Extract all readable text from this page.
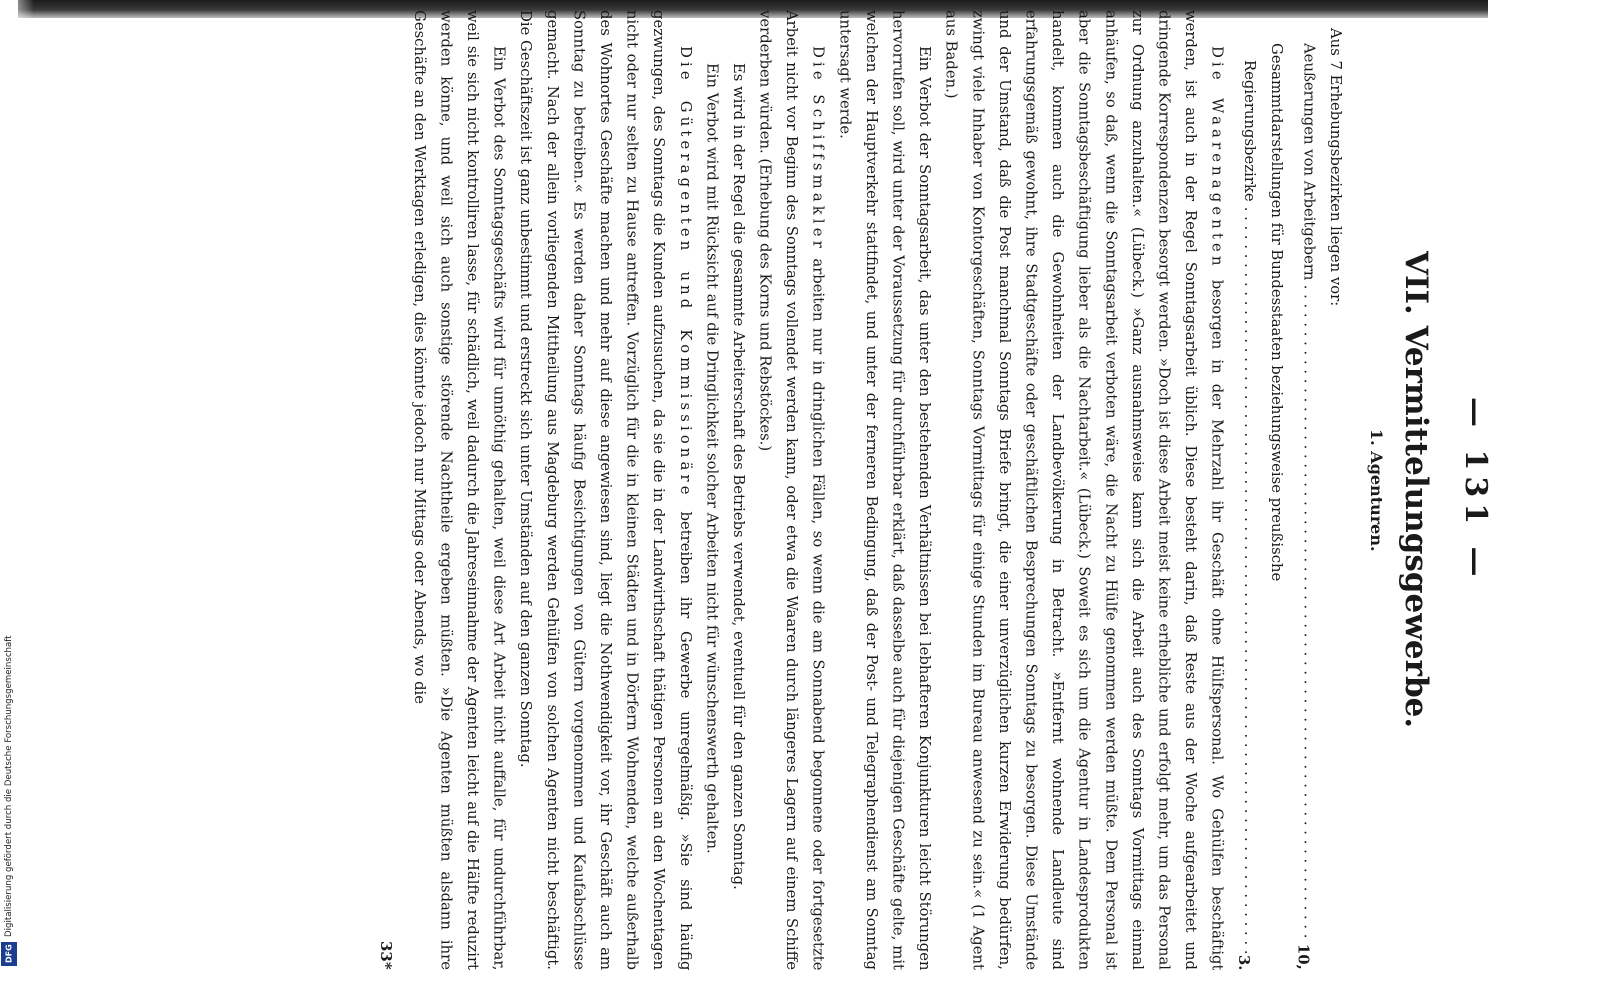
— 131 —
VII. Vermittelungsgewerbe.
1. Agenturen.

Aus 7 Erhebungsbezirken liegen vor:

Aeußerungen von Arbeitgebern . . .
10,
Gesammtdarstellungen für Bundesstaaten beziehungsweise preußische
Regierungsbezirke . . .
3.

Die Waarenagenten besorgen in der Mehrzahl ihr Geschäft ohne Hülfspersonal. Wo Gehülfen beschäftigt werden, ist auch in der Regel Sonntagsarbeit üblich. Diese besteht darin, daß Reste aus der Woche aufgearbeitet und dringende Korrespondenzen besorgt werden. »Doch ist diese Arbeit meist keine erhebliche und erfolgt mehr, um das Personal zur Ordnung anzuhalten.« (Lübeck.) »Ganz ausnahmsweise kann sich die Arbeit auch des Sonntags Vormittags einmal anhäufen, so daß, wenn die Sonntagsarbeit verboten wäre, die Nacht zu Hülfe genommen werden müßte. Dem Personal ist aber die Sonntagsbeschäftigung lieber als die Nachtarbeit.« (Lübeck.) Soweit es sich um die Agentur in Landesprodukten handelt, kommen auch die Gewohnheiten der Landbevölkerung in Betracht. »Entfernt wohnende Landleute sind erfahrungsgemäß gewohnt, ihre Stadtgeschäfte oder geschäftlichen Besprechungen Sonntags zu besorgen. Diese Umstände und der Umstand, daß die Post manchmal Sonntags Briefe bringt, die einer unverzüglichen kurzen Erwiderung bedürfen, zwingt viele Inhaber von Kontorgeschäften, Sonntags Vormittags für einige Stunden im Bureau anwesend zu sein.« (1 Agent aus Baden.)

Ein Verbot der Sonntagsarbeit, das unter den bestehenden Verhältnissen bei lebhafteren Konjunkturen leicht Störungen hervorrufen soll, wird unter der Voraussetzung für durchführbar erklärt, daß dasselbe auch für diejenigen Geschäfte gelte, mit welchen der Hauptverkehr stattfindet, und unter der ferneren Bedingung, daß der Post- und Telegraphendienst am Sonntag untersagt werde.

Die Schiffsmakler arbeiten nur in dringlichen Fällen, so wenn die am Sonnabend begonnene oder fortgesetzte Arbeit nicht vor Beginn des Sonntags vollendet werden kann, oder etwa die Waaren durch längeres Lagern auf einem Schiffe verderben würden. (Erhebung des Korns und Rebstöckes.)

Es wird in der Regel die gesammte Arbeiterschaft des Betriebs verwendet, eventuell für den ganzen Sonntag.

Ein Verbot wird mit Rücksicht auf die Dringlichkeit solcher Arbeiten nicht für wünschenswerth gehalten.

Die Güteragenten und Kommissionäre betreiben ihr Gewerbe unregelmäßig. »Sie sind häufig gezwungen, des Sonntags die Kunden aufzusuchen, da sie die in der Landwirthschaft thätigen Personen an den Wochentagen nicht oder nur selten zu Hause antreffen. Vorzüglich für die in kleinen Städten und in Dörfern Wohnenden, welche außerhalb des Wohnortes Geschäfte machen und mehr auf diese angewiesen sind, liegt die Nothwendigkeit vor, ihr Geschäft auch am Sonntag zu betreiben.« Es werden daher Sonntags häufig Besichtigungen von Gütern vorgenommen und Kaufabschlüsse gemacht. Nach der allein vorliegenden Mittheilung aus Magdeburg werden Gehülfen von solchen Agenten nicht beschäftigt. Die Geschäftszeit ist ganz unbestimmt und erstreckt sich unter Umständen auf den ganzen Sonntag.

Ein Verbot des Sonntagsgeschäfts wird für unnöthig gehalten, weil diese Art Arbeit nicht auffalle, für undurchführbar, weil sie sich nicht kontrolliren lasse, für schädlich, weil dadurch die Jahreseinnahme der Agenten leicht auf die Hälfte reduzirt werden könne, und weil sich auch sonstige störende Nachtheile ergeben müßten. »Die Agenten müßten alsdann ihre Geschäfte an den Werktagen erledigen, dies könnte jedoch nur Mittags oder Abends, wo die

33*
Digitalisierung gefördert durch die Deutsche Forschungsgemeinschaft
DFG
